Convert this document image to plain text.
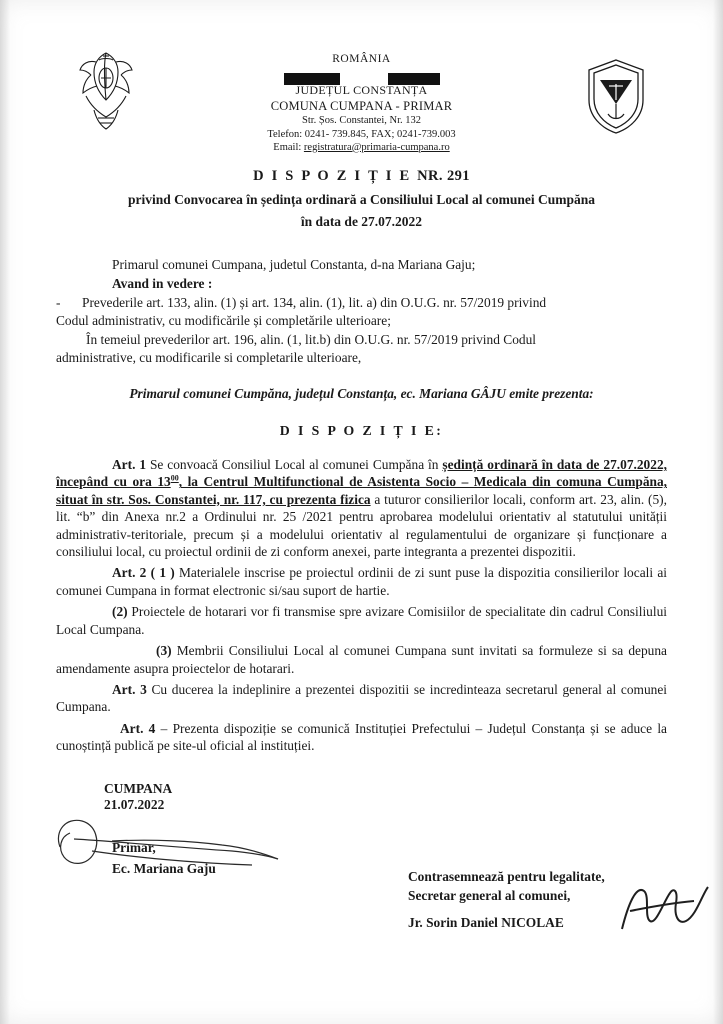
ROMÂNIA
JUDEȚUL CONSTANȚA
COMUNA CUMPANA - PRIMAR
Str. Șos. Constantei, Nr. 132
Telefon: 0241- 739.845, FAX; 0241-739.003
Email: registratura@primaria-cumpana.ro
D I S P O Z I Ț I E NR. 291
privind Convocarea în ședința ordinară a Consiliului Local al comunei Cumpăna
în data de 27.07.2022
Primarul comunei Cumpana, judetul Constanta, d-na Mariana Gaju;
Avand in vedere :
- Prevederile art. 133, alin. (1) și art. 134, alin. (1), lit. a) din O.U.G. nr. 57/2019 privind
Codul administrativ, cu modificările și completările ulterioare;
În temeiul prevederilor art. 196, alin. (1, lit.b) din O.U.G. nr. 57/2019 privind Codul
administrative, cu modificarile si completarile ulterioare,
Primarul comunei Cumpăna, județul Constanța, ec. Mariana GÂJU emite prezenta:
D I S P O Z I Ț I E:
Art. 1 Se convoacă Consiliul Local al comunei Cumpăna în ședință ordinară în data de 27.07.2022, începând cu ora $13^{00}$, la Centrul Multifunctional de Asistenta Socio – Medicala din comuna Cumpăna, situat în str. Sos. Constantei, nr. 117, cu prezenta fizica a tuturor consilierilor locali, conform art. 23, alin. (5), lit. “b” din Anexa nr.2 a Ordinului nr. 25 /2021 pentru aprobarea modelului orientativ al statutului unității administrativ-teritoriale, precum și a modelului orientativ al regulamentului de organizare și funcționare a consiliului local, cu proiectul ordinii de zi conform anexei, parte integranta a prezentei dispozitii.
Art. 2 ( 1 ) Materialele inscrise pe proiectul ordinii de zi sunt puse la dispozitia consilierilor locali ai comunei Cumpana in format electronic si/sau suport de hartie.
(2) Proiectele de hotarari vor fi transmise spre avizare Comisiilor de specialitate din cadrul Consiliului Local Cumpana.
(3) Membrii Consiliului Local al comunei Cumpana sunt invitati sa formuleze si sa depuna amendamente asupra proiectelor de hotarari.
Art. 3 Cu ducerea la indeplinire a prezentei dispozitii se incredinteaza secretarul general al comunei Cumpana.
Art. 4 – Prezenta dispoziție se comunică Instituției Prefectului – Județul Constanța și se aduce la cunoștință publică pe site-ul oficial al instituției.
CUMPANA
21.07.2022
Primar,
Ec. Mariana Gaju	Contrasemnează pentru legalitate,
Secretar general al comunei,
Jr. Sorin Daniel NICOLAE
